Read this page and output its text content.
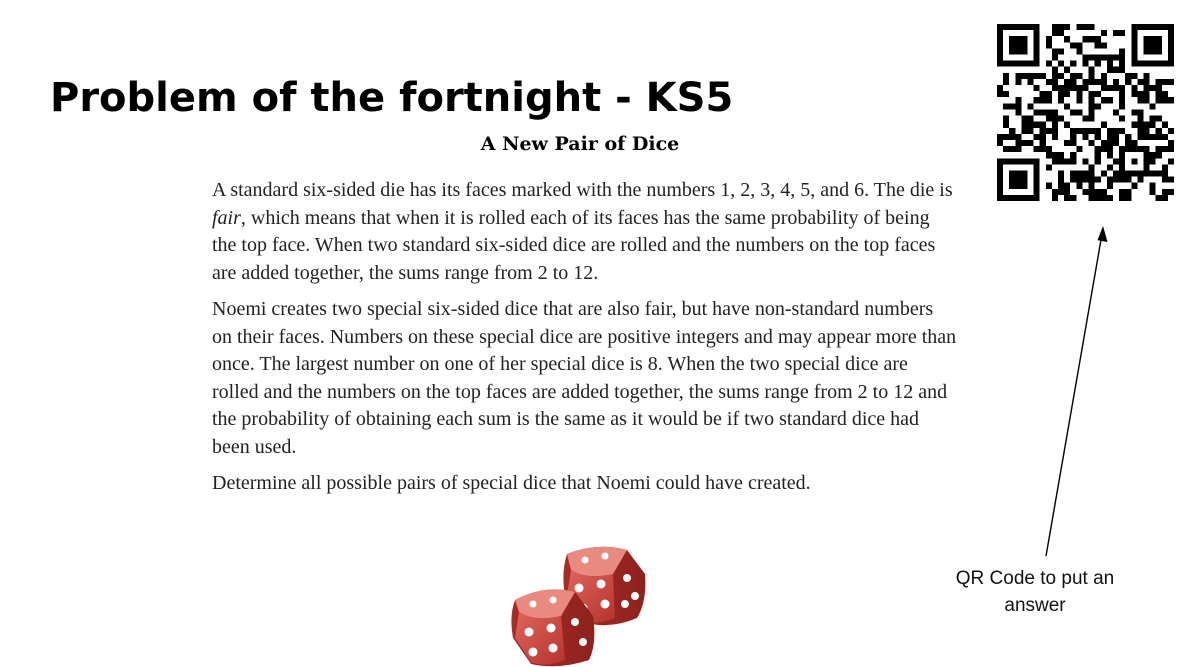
Problem of the fortnight - KS5
A New Pair of Dice

A standard six-sided die has its faces marked with the numbers 1, 2, 3, 4, 5, and 6. The die is fair, which means that when it is rolled each of its faces has the same probability of being the top face. When two standard six-sided dice are rolled and the numbers on the top faces are added together, the sums range from 2 to 12.

Noemi creates two special six-sided dice that are also fair, but have non-standard numbers on their faces. Numbers on these special dice are positive integers and may appear more than once. The largest number on one of her special dice is 8. When the two special dice are rolled and the numbers on the top faces are added together, the sums range from 2 to 12 and the probability of obtaining each sum is the same as it would be if two standard dice had been used.

Determine all possible pairs of special dice that Noemi could have created.

QR Code to put an answer
